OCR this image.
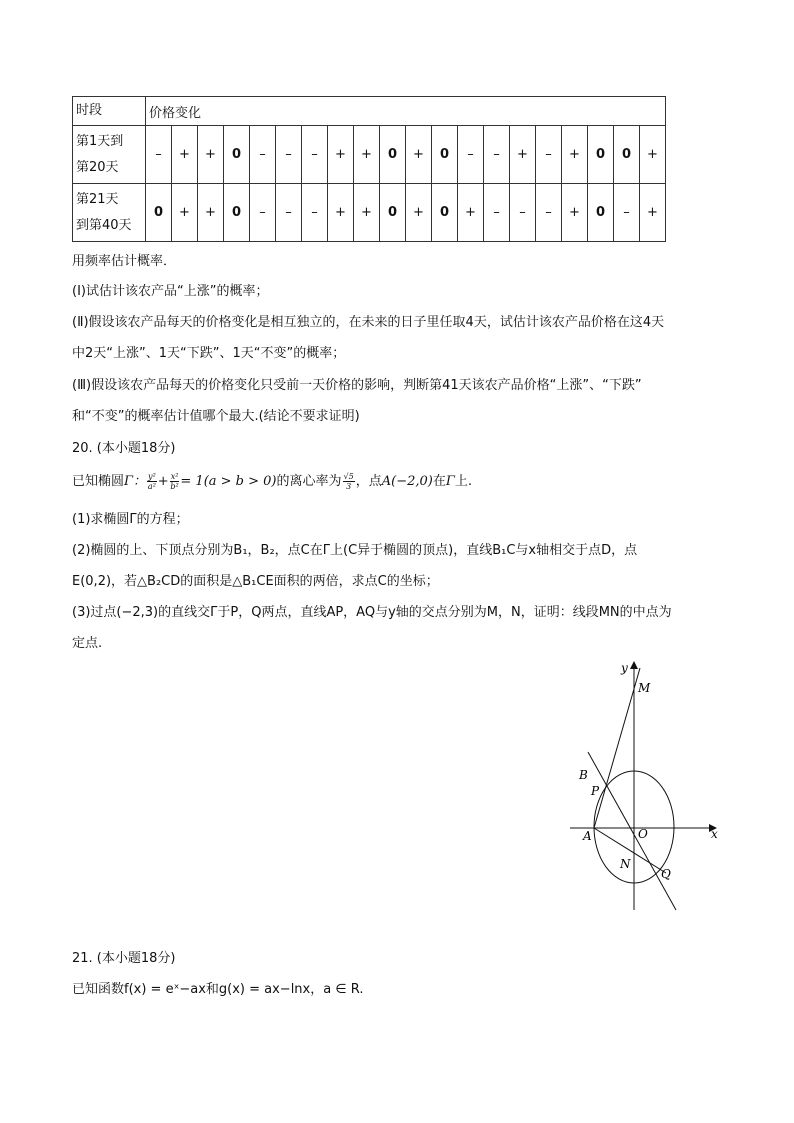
时段	价格变化																			

第1天到
第20天	–	+	+	0	–	–	–	+	+	0	+	0	–	–	+	–	+	0	0	+

第21天
到第40天	0	+	+	0	–	–	–	+	+	0	+	0	+	–	–	–	+	0	–	+
用频率估计概率．
(Ⅰ)试估计该农产品“上涨”的概率；
(Ⅱ)假设该农产品每天的价格变化是相互独立的，在未来的日子里任取4天，试估计该农产品价格在这4天
中2天“上涨”、1天“下跌”、1天“不变”的概率；
(Ⅲ)假设该农产品每天的价格变化只受前一天价格的影响，判断第41天该农产品价格“上涨”、“下跌”
和“不变”的概率估计值哪个最大.(结论不要求证明)
20. (本小题18分)
已知椭圆Γ： $\frac{\text{y²}}{\text{a²}} + \frac{\text{x²}}{\text{b²}} = 1(a > b > 0)$的离心率为 $\frac{√5}{3}$ ，点A(−2,0)在Γ上.
(1)求椭圆Γ的方程；
(2)椭圆的上、下顶点分别为B₁，B₂，点C在Γ上(C异于椭圆的顶点)，直线B₁C与x轴相交于点D，点
E(0,2)，若△B₂CD的面积是△B₁CE面积的两倍，求点C的坐标；
(3)过点(−2,3)的直线交Γ于P，Q两点，直线AP，AQ与y轴的交点分别为M，N，证明：线段MN的中点为
定点.
y
x
M
B
P
A	O
N
Q
21. (本小题18分)
已知函数f(x) = eˣ−ax和g(x) = ax−lnx，a ∈ R.
